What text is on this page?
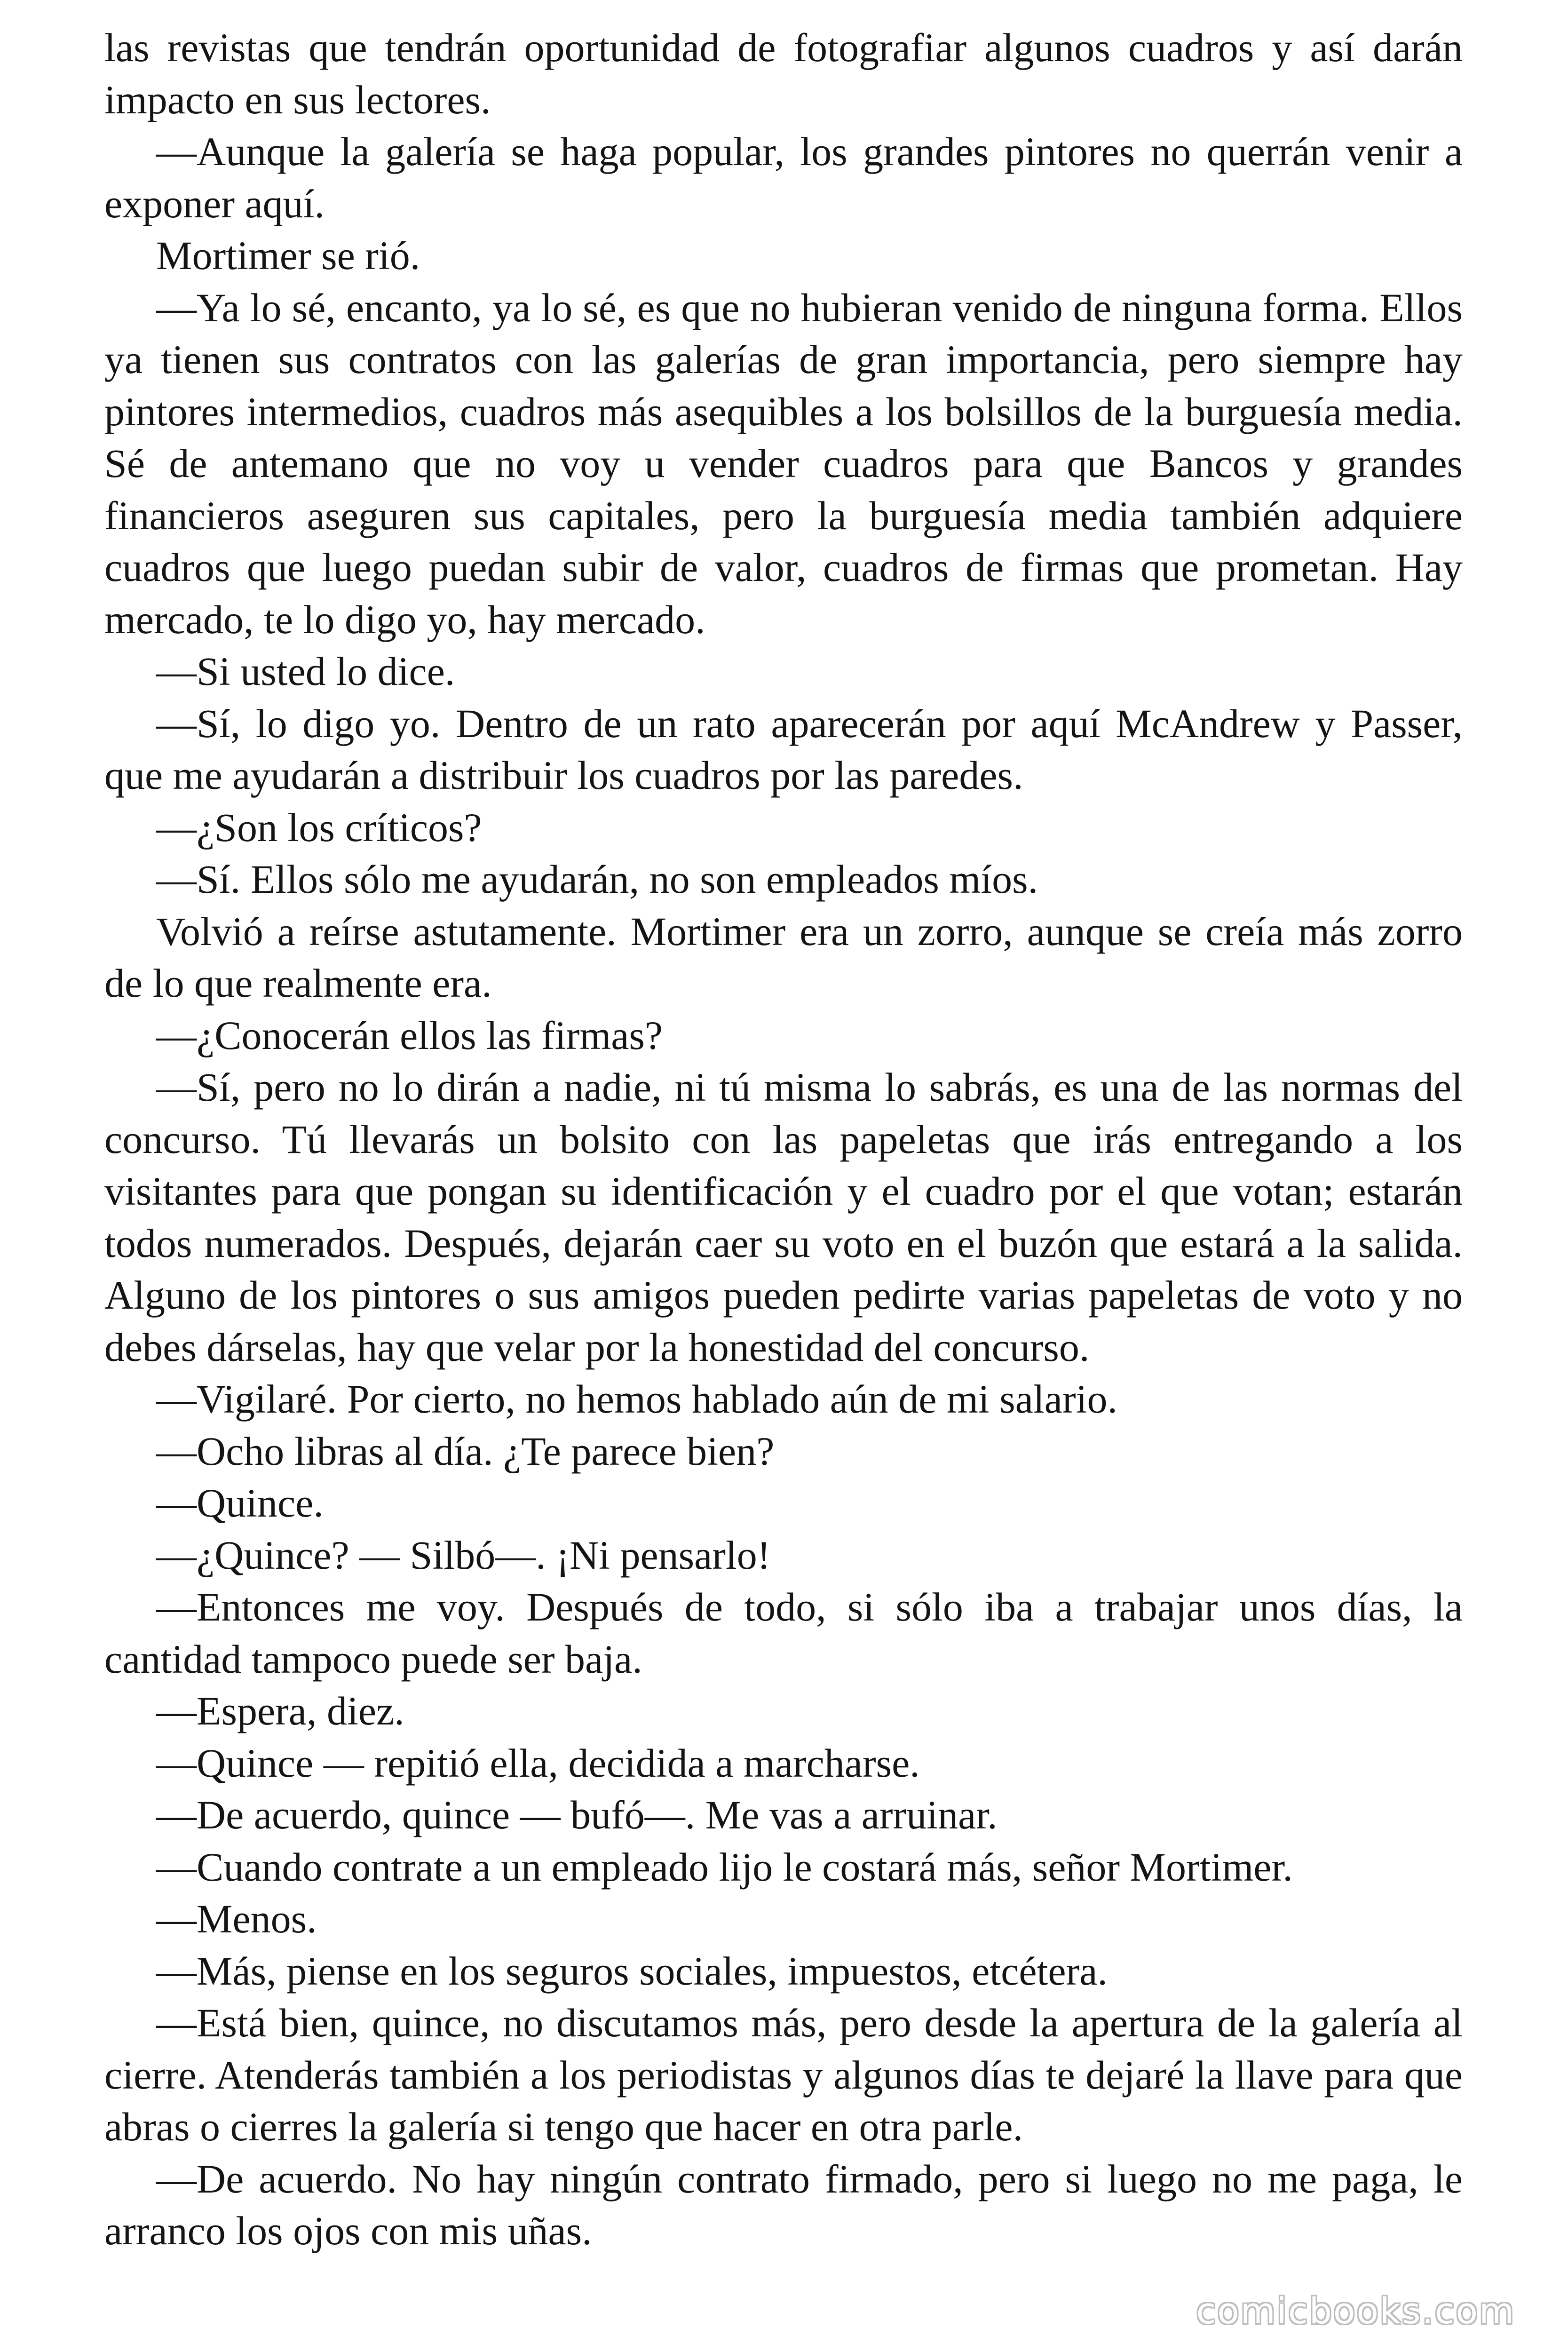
las revistas que tendrán oportunidad de fotografiar algunos cuadros y así darán impacto en sus lectores.

—Aunque la galería se haga popular, los grandes pintores no querrán venir a exponer aquí.

Mortimer se rió.

—Ya lo sé, encanto, ya lo sé, es que no hubieran venido de ninguna forma. Ellos ya tienen sus contratos con las galerías de gran importancia, pero siempre hay pintores intermedios, cuadros más asequibles a los bolsillos de la burguesía media. Sé de antemano que no voy u vender cuadros para que Bancos y grandes financieros aseguren sus capitales, pero la burguesía media también adquiere cuadros que luego puedan subir de valor, cuadros de firmas que prometan. Hay mercado, te lo digo yo, hay mercado.

—Si usted lo dice.

—Sí, lo digo yo. Dentro de un rato aparecerán por aquí McAndrew y Passer, que me ayudarán a distribuir los cuadros por las paredes.

—¿Son los críticos?

—Sí. Ellos sólo me ayudarán, no son empleados míos.

Volvió a reírse astutamente. Mortimer era un zorro, aunque se creía más zorro de lo que realmente era.

—¿Conocerán ellos las firmas?

—Sí, pero no lo dirán a nadie, ni tú misma lo sabrás, es una de las normas del concurso. Tú llevarás un bolsito con las papeletas que irás entregando a los visitantes para que pongan su identificación y el cuadro por el que votan; estarán todos numerados. Después, dejarán caer su voto en el buzón que estará a la salida. Alguno de los pintores o sus amigos pueden pedirte varias papeletas de voto y no debes dárselas, hay que velar por la honestidad del concurso.

—Vigilaré. Por cierto, no hemos hablado aún de mi salario.

—Ocho libras al día. ¿Te parece bien?

—Quince.

—¿Quince? — Silbó—. ¡Ni pensarlo!

—Entonces me voy. Después de todo, si sólo iba a trabajar unos días, la cantidad tampoco puede ser baja.

—Espera, diez.

—Quince — repitió ella, decidida a marcharse.

—De acuerdo, quince — bufó—. Me vas a arruinar.

—Cuando contrate a un empleado lijo le costará más, señor Mortimer.

—Menos.

—Más, piense en los seguros sociales, impuestos, etcétera.

—Está bien, quince, no discutamos más, pero desde la apertura de la galería al cierre. Atenderás también a los periodistas y algunos días te dejaré la llave para que abras o cierres la galería si tengo que hacer en otra parle.

—De acuerdo. No hay ningún contrato firmado, pero si luego no me paga, le arranco los ojos con mis uñas.

comicbooks.com
